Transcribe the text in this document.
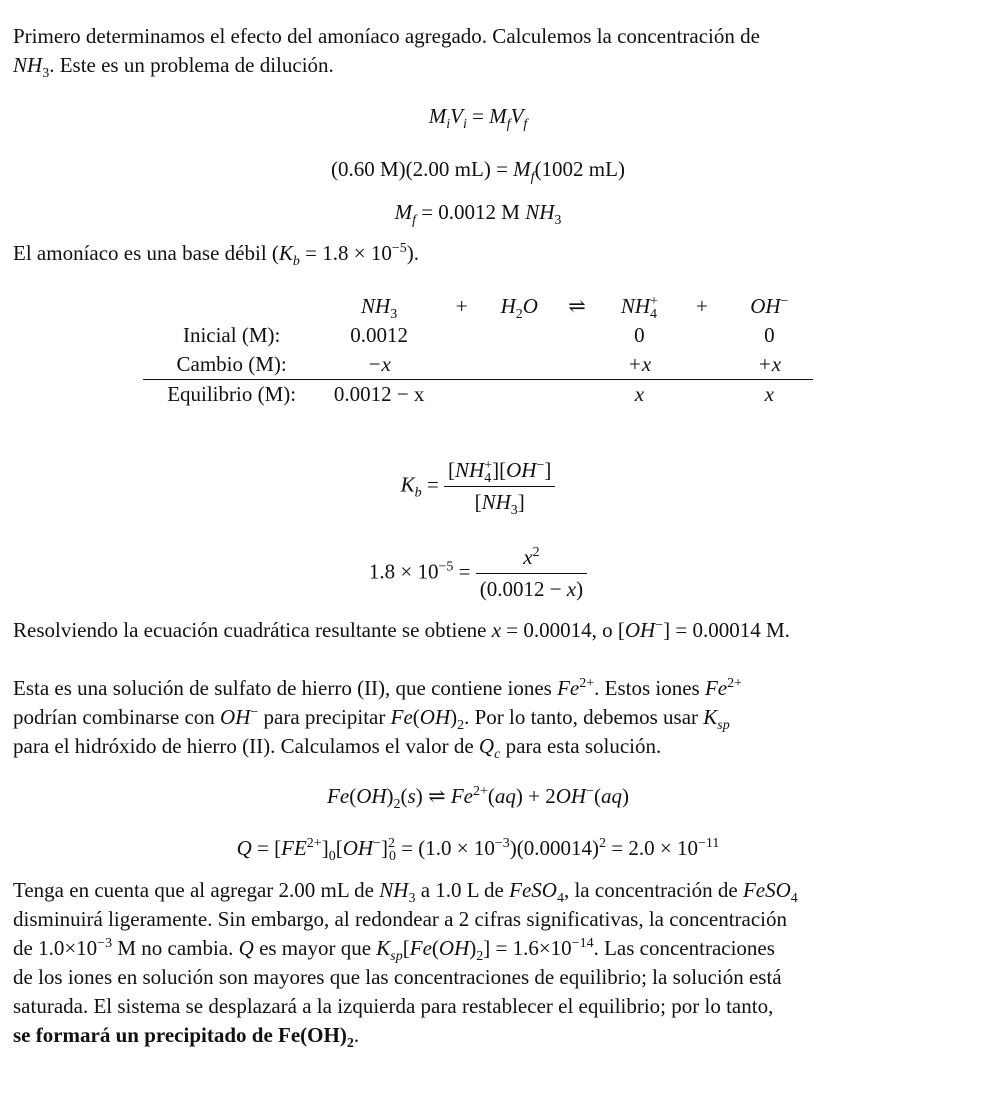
Primero determinamos el efecto del amoníaco agregado. Calculemos la concentración de
$NH_3$. Este es un problema de dilución.
$M_iV_i = M_fV_f$
(0.60 M)(2.00 $mL) = M_f(1002$ mL)
$M_f = 0.0012$ M $NH_3$
El amoníaco es una base débil $(K_b = 1.8 \times 10^{-5})$.
	$NH_3$	+	$H_2O$	⇌	$NH_4^+$	+	OH−
Inicial (M):	0.0012				0		0
Cambio (M):	−x				+x		+x
Equilibrio (M):	0.0012 − x				x		x
$K_b = \frac{[NH_4^+][OH^-]}{[NH_3]}$
$1.8 \times 10^{-5} = \frac{x^2}{(0.0012 - x)}$
Resolviendo la ecuación cuadrática resultante se obtiene x = 0.00014, o [OH−] = 0.00014 M.
Esta es una solución de sulfato de hierro (II), que contiene iones $Fe^{2+}$. Estos iones $Fe^{2+}$
podrían combinarse con OH− para precipitar $Fe(OH)_2$. Por lo tanto, debemos usar $K_{sp}$
para el hidróxido de hierro (II). Calculamos el valor de $Q_c$ para esta solución.
$Fe(OH)_2(s)$ ⇌ $Fe^{2+}(aq) + 2OH^-(aq)$
$Q = [FE^{2+}]_0[OH^-]^2_0 = (1.0 \times 10^{-3})(0.00014)^2 = 2.0 \times 10^{-11}$
Tenga en cuenta que al agregar 2.00 mL de $NH_3$ a 1.0 L de FeSO$_4$, la concentración de FeSO$_4$
disminuirá ligeramente. Sin embargo, al redondear a 2 cifras significativas, la concentración
de $1.0\times 10^{-3}$ M no cambia. Q es mayor que $K_{sp}[Fe(OH)_2] = 1.6\times 10^{-14}$. Las concentraciones
de los iones en solución son mayores que las concentraciones de equilibrio; la solución está
saturada. El sistema se desplazará a la izquierda para restablecer el equilibrio; por lo tanto,
se formará un precipitado de $Fe(OH)_2$.
